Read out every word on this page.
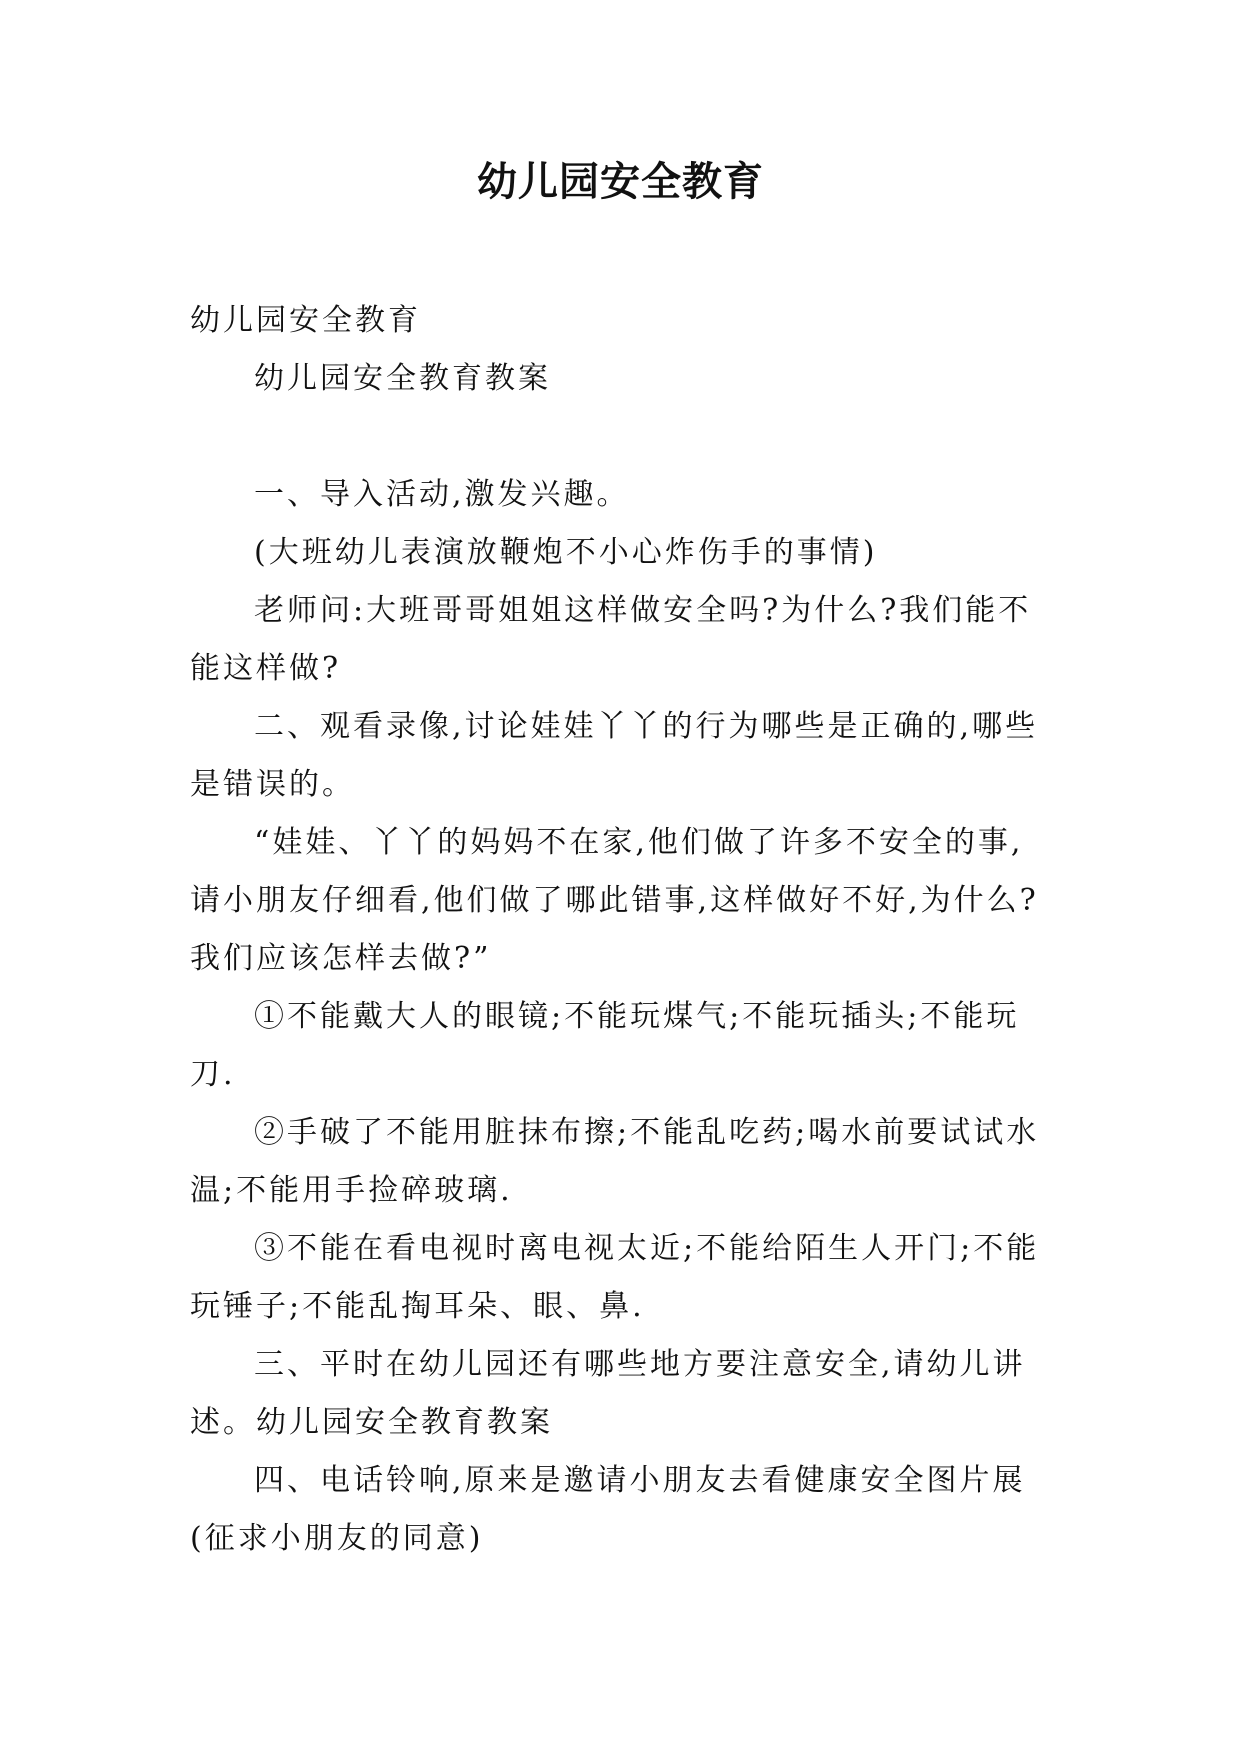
幼儿园安全教育

幼儿园安全教育

幼儿园安全教育教案

一、导入活动,激发兴趣。

(大班幼儿表演放鞭炮不小心炸伤手的事情)

老师问:大班哥哥姐姐这样做安全吗?为什么?我们能不能这样做?

二、观看录像,讨论娃娃丫丫的行为哪些是正确的,哪些是错误的。

“娃娃、丫丫的妈妈不在家,他们做了许多不安全的事,请小朋友仔细看,他们做了哪此错事,这样做好不好,为什么?我们应该怎样去做?”

①不能戴大人的眼镜;不能玩煤气;不能玩插头;不能玩刀.

②手破了不能用脏抹布擦;不能乱吃药;喝水前要试试水温;不能用手捡碎玻璃.

③不能在看电视时离电视太近;不能给陌生人开门;不能玩锤子;不能乱掏耳朵、眼、鼻.

三、平时在幼儿园还有哪些地方要注意安全,请幼儿讲述。幼儿园安全教育教案

四、电话铃响,原来是邀请小朋友去看健康安全图片展(征求小朋友的同意)
